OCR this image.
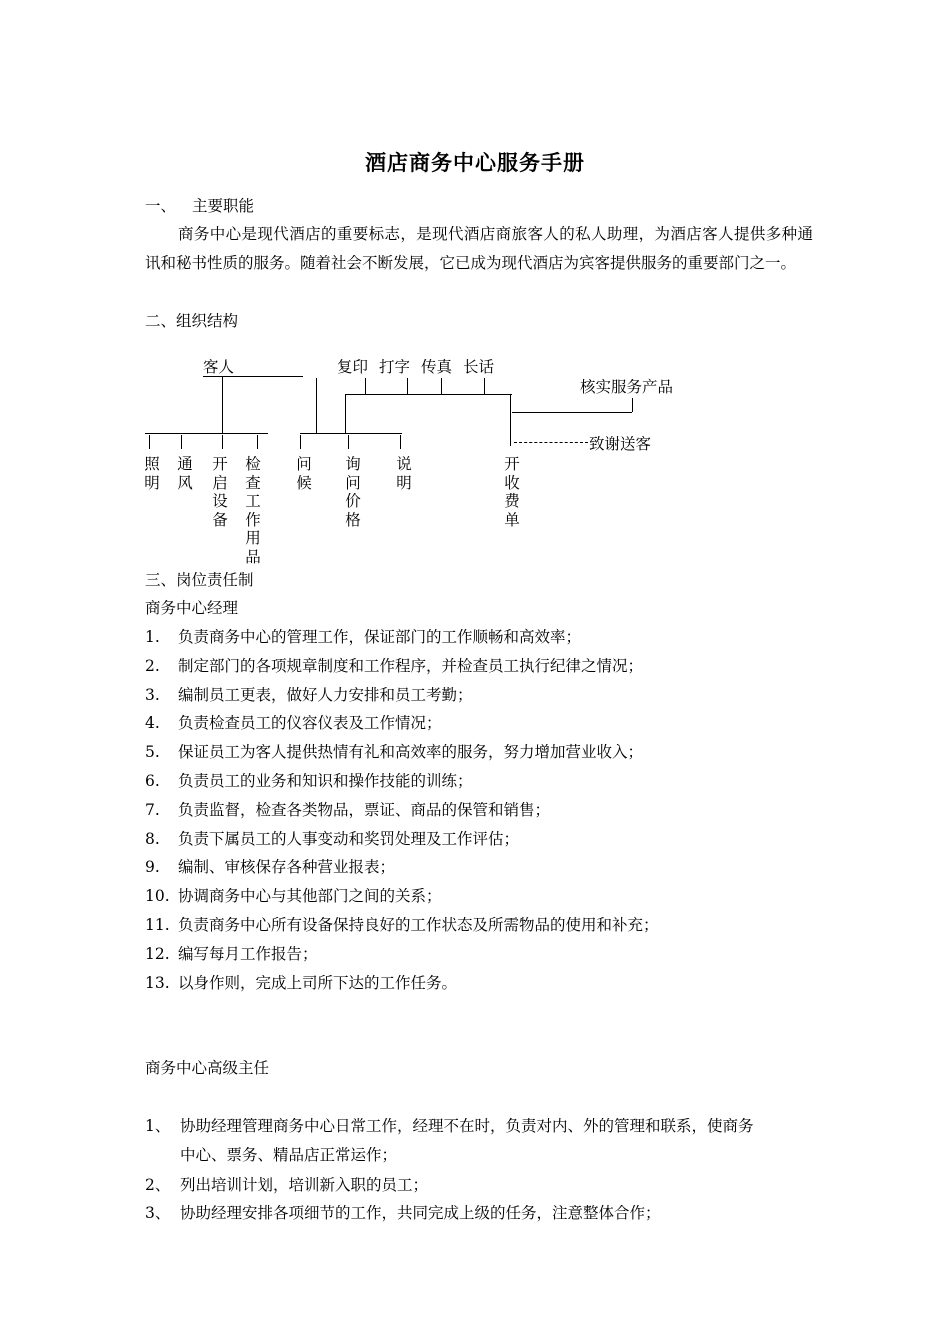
酒店商务中心服务手册
一、 主要职能
商务中心是现代酒店的重要标志，是现代酒店商旅客人的私人助理，为酒店客人提供多种通讯和秘书性质的服务。随着社会不断发展，它已成为现代酒店为宾客提供服务的重要部门之一。
二、组织结构
客人	复印 打字 传真 长话
核实服务产品
致谢送客
照明
通风
开启设备
检查工作用品
问候
询问价格
说明
开收费单
三、岗位责任制
商务中心经理
1. 负责商务中心的管理工作，保证部门的工作顺畅和高效率；
2. 制定部门的各项规章制度和工作程序，并检查员工执行纪律之情况；
3. 编制员工更表，做好人力安排和员工考勤；
4. 负责检查员工的仪容仪表及工作情况；
5. 保证员工为客人提供热情有礼和高效率的服务，努力增加营业收入；
6. 负责员工的业务和知识和操作技能的训练；
7. 负责监督，检查各类物品，票证、商品的保管和销售；
8. 负责下属员工的人事变动和奖罚处理及工作评估；
9. 编制、审核保存各种营业报表；
10. 协调商务中心与其他部门之间的关系；
11. 负责商务中心所有设备保持良好的工作状态及所需物品的使用和补充；
12. 编写每月工作报告；
13. 以身作则，完成上司所下达的工作任务。
商务中心高级主任
1、 协助经理管理商务中心日常工作，经理不在时，负责对内、外的管理和联系，使商务
中心、票务、精品店正常运作；
2、 列出培训计划，培训新入职的员工；
3、 协助经理安排各项细节的工作，共同完成上级的任务，注意整体合作；
